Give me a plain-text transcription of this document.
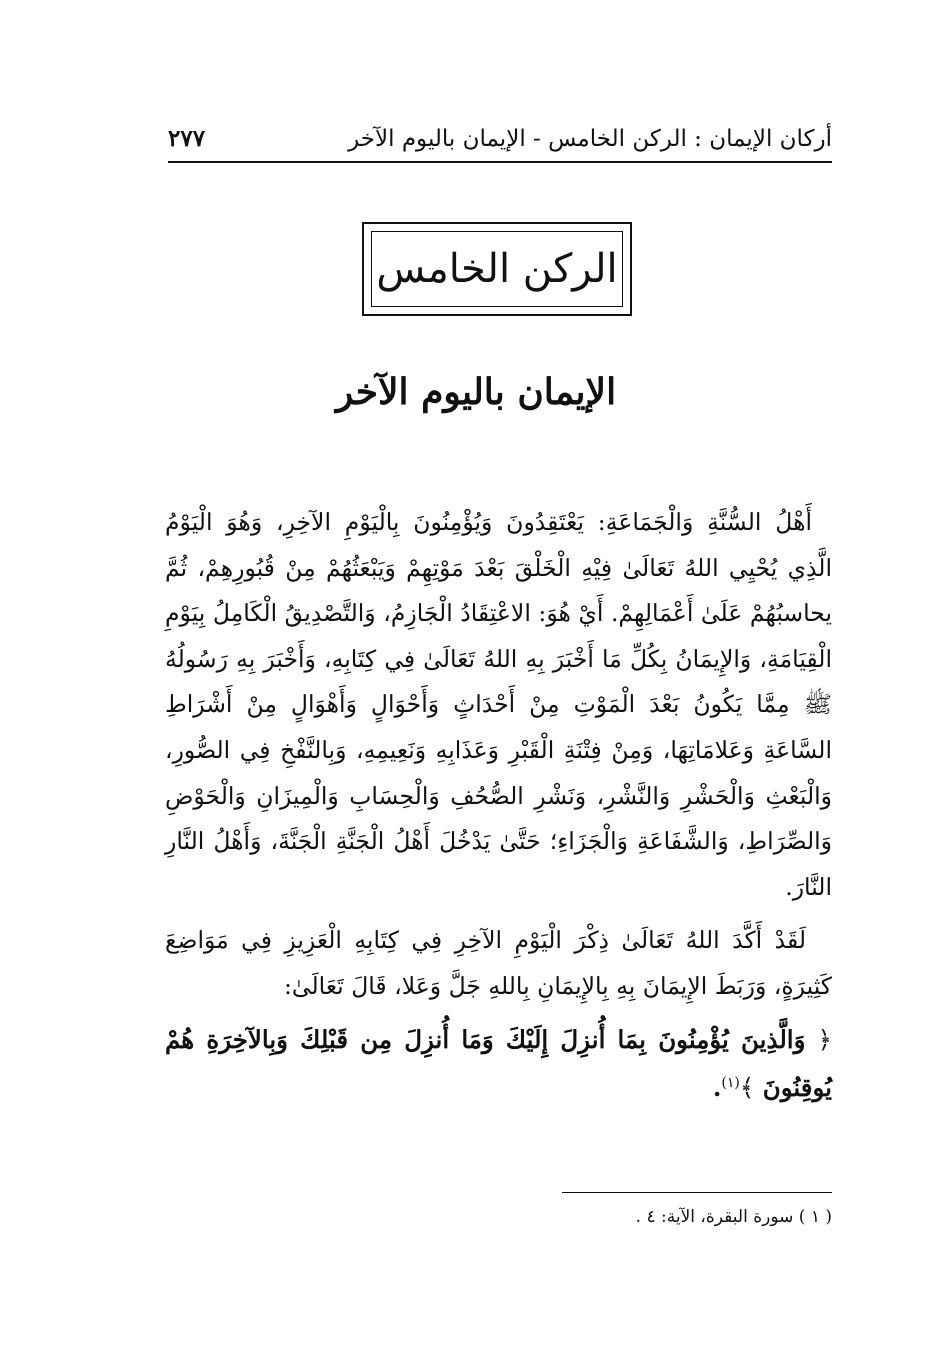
أركان الإيمان : الركن الخامس - الإيمان باليوم الآخر
٢٧٧
الركن الخامس
الإيمان باليوم الآخر

أَهْلُ السُّنَّةِ وَالْجَمَاعَةِ: يَعْتَقِدُونَ وَيُؤْمِنُونَ بِالْيَوْمِ الآخِرِ، وَهُوَ الْيَوْمُ الَّذِي يُحْيِي اللهُ تَعَالَىٰ فِيْهِ الْخَلْقَ بَعْدَ مَوْتِهِمْ وَيَبْعَثُهُمْ مِنْ قُبُورِهِمْ، ثُمَّ يحاسبُهُمْ عَلَىٰ أَعْمَالِهِمْ. أَيْ هُوَ: الاعْتِقَادُ الْجَازِمُ، وَالتَّصْدِيقُ الْكَامِلُ بِيَوْمِ الْقِيَامَةِ، وَالإِيمَانُ بِكُلِّ مَا أَخْبَرَ بِهِ اللهُ تَعَالَىٰ فِي كِتَابِهِ، وَأَخْبَرَ بِهِ رَسُولُهُ ﷺ مِمَّا يَكُونُ بَعْدَ الْمَوْتِ مِنْ أَحْدَاثٍ وَأَحْوَالٍ وَأَهْوَالٍ مِنْ أَشْرَاطِ السَّاعَةِ وَعَلامَاتِهَا، وَمِنْ فِتْنَةِ الْقَبْرِ وَعَذَابِهِ وَنَعِيمِهِ، وَبِالنَّفْخِ فِي الصُّورِ، وَالْبَعْثِ وَالْحَشْرِ وَالنَّشْرِ، وَنَشْرِ الصُّحُفِ وَالْحِسَابِ وَالْمِيزَانِ وَالْحَوْضِ وَالصِّرَاطِ، وَالشَّفَاعَةِ وَالْجَزَاءِ؛ حَتَّىٰ يَدْخُلَ أَهْلُ الْجَنَّةِ الْجَنَّةَ، وَأَهْلُ النَّارِ النَّارَ.

لَقَدْ أَكَّدَ اللهُ تَعَالَىٰ ذِكْرَ الْيَوْمِ الآخِرِ فِي كِتَابِهِ الْعَزِيزِ فِي مَوَاضِعَ كَثِيرَةٍ، وَرَبَطَ الإِيمَانَ بِهِ بِالإِيمَانِ بِاللهِ جَلَّ وَعَلا، قَالَ تَعَالَىٰ:

﴿ وَالَّذِينَ يُؤْمِنُونَ بِمَا أُنزِلَ إِلَيْكَ وَمَا أُنزِلَ مِن قَبْلِكَ وَبِالآخِرَةِ هُمْ يُوقِنُونَ ﴾$^{(١)}$.

( ١ ) سورة البقرة، الآية: ٤ .
